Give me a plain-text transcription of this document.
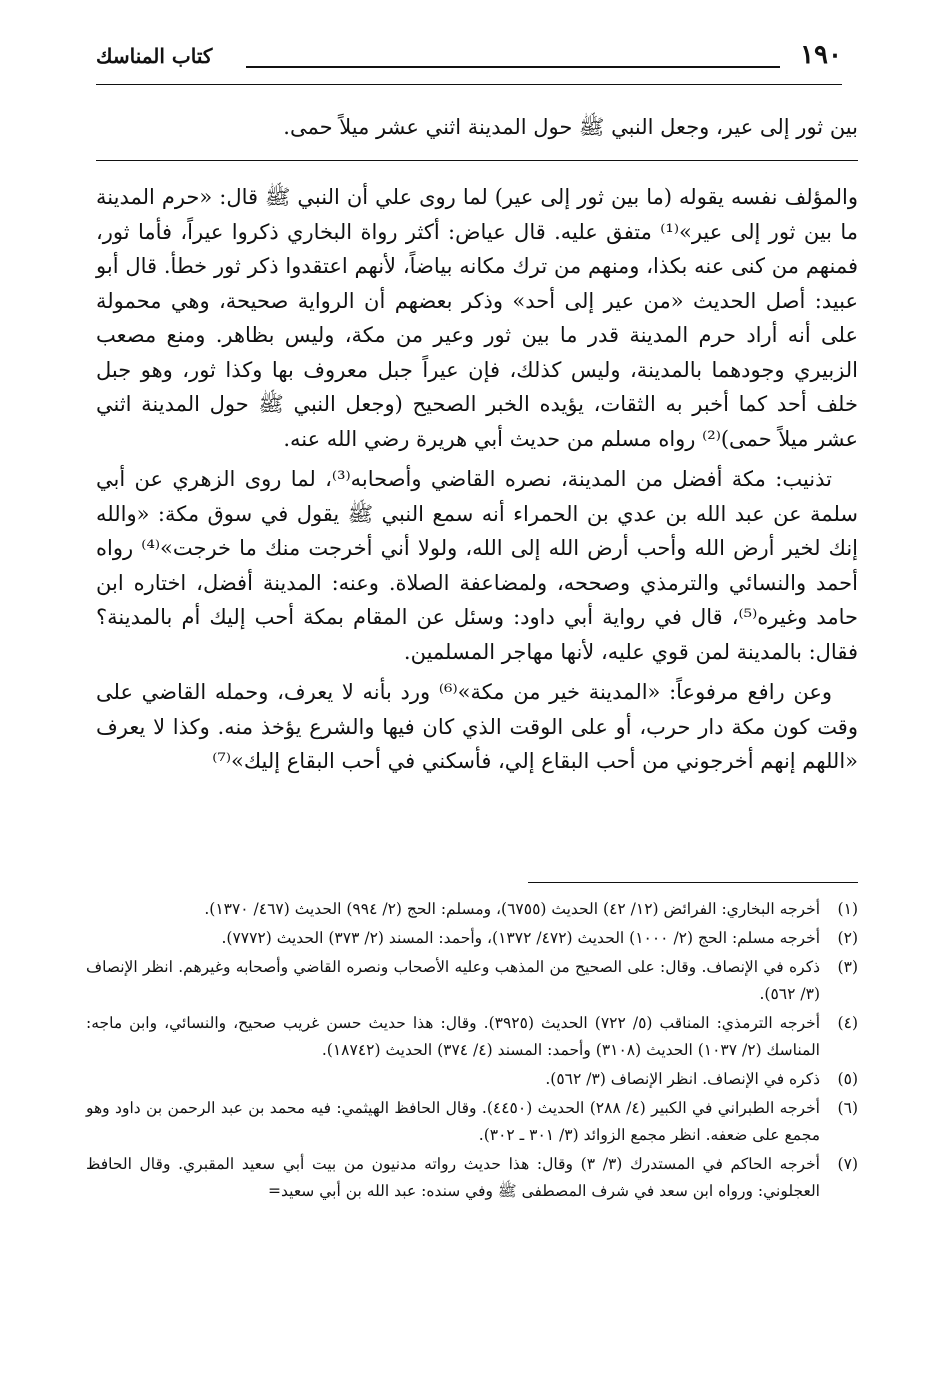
١٩٠
كتاب المناسك
بين ثور إلى عير، وجعل النبي ﷺ حول المدينة اثني عشر ميلاً حمى.

والمؤلف نفسه يقوله (ما بين ثور إلى عير) لما روى علي أن النبي ﷺ قال: «حرم المدينة ما بين ثور إلى عير»⁽¹⁾ متفق عليه. قال عياض: أكثر رواة البخاري ذكروا عيراً، فأما ثور، فمنهم من كنى عنه بكذا، ومنهم من ترك مكانه بياضاً، لأنهم اعتقدوا ذكر ثور خطأ. قال أبو عبيد: أصل الحديث «من عير إلى أحد» وذكر بعضهم أن الرواية صحيحة، وهي محمولة على أنه أراد حرم المدينة قدر ما بين ثور وعير من مكة، وليس بظاهر. ومنع مصعب الزبيري وجودهما بالمدينة، وليس كذلك، فإن عيراً جبل معروف بها وكذا ثور، وهو جبل خلف أحد كما أخبر به الثقات، يؤيده الخبر الصحيح (وجعل النبي ﷺ حول المدينة اثني عشر ميلاً حمى)⁽²⁾ رواه مسلم من حديث أبي هريرة رضي الله عنه.

تذنيب: مكة أفضل من المدينة، نصره القاضي وأصحابه⁽³⁾، لما روى الزهري عن أبي سلمة عن عبد الله بن عدي بن الحمراء أنه سمع النبي ﷺ يقول في سوق مكة: «والله إنك لخير أرض الله وأحب أرض الله إلى الله، ولولا أني أخرجت منك ما خرجت»⁽⁴⁾ رواه أحمد والنسائي والترمذي وصححه، ولمضاعفة الصلاة. وعنه: المدينة أفضل، اختاره ابن حامد وغيره⁽⁵⁾، قال في رواية أبي داود: وسئل عن المقام بمكة أحب إليك أم بالمدينة؟ فقال: بالمدينة لمن قوي عليه، لأنها مهاجر المسلمين.

وعن رافع مرفوعاً: «المدينة خير من مكة»⁽⁶⁾ ورد بأنه لا يعرف، وحمله القاضي على وقت كون مكة دار حرب، أو على الوقت الذي كان فيها والشرع يؤخذ منه. وكذا لا يعرف «اللهم إنهم أخرجوني من أحب البقاع إلي، فأسكني في أحب البقاع إليك»⁽⁷⁾

(١)
أخرجه البخاري: الفرائض (١٢/ ٤٢) الحديث (٦٧٥٥)، ومسلم: الحج (٢/ ٩٩٤) الحديث (٤٦٧/ ١٣٧٠).
(٢)
أخرجه مسلم: الحج (٢/ ١٠٠٠) الحديث (٤٧٢/ ١٣٧٢)، وأحمد: المسند (٢/ ٣٧٣) الحديث (٧٧٧٢).
(٣)
ذكره في الإنصاف. وقال: على الصحيح من المذهب وعليه الأصحاب ونصره القاضي وأصحابه وغيرهم. انظر الإنصاف (٣/ ٥٦٢).
(٤)
أخرجه الترمذي: المناقب (٥/ ٧٢٢) الحديث (٣٩٢٥). وقال: هذا حديث حسن غريب صحيح، والنسائي، وابن ماجه: المناسك (٢/ ١٠٣٧) الحديث (٣١٠٨) وأحمد: المسند (٤/ ٣٧٤) الحديث (١٨٧٤٢).
(٥)
ذكره في الإنصاف. انظر الإنصاف (٣/ ٥٦٢).
(٦)
أخرجه الطبراني في الكبير (٤/ ٢٨٨) الحديث (٤٤٥٠). وقال الحافظ الهيثمي: فيه محمد بن عبد الرحمن بن داود وهو مجمع على ضعفه. انظر مجمع الزوائد (٣/ ٣٠١ ـ ٣٠٢).
(٧)
أخرجه الحاكم في المستدرك (٣/ ٣) وقال: هذا حديث رواته مدنيون من بيت أبي سعيد المقبري. وقال الحافظ العجلوني: ورواه ابن سعد في شرف المصطفى ﷺ وفي سنده: عبد الله بن أبي سعيد=
